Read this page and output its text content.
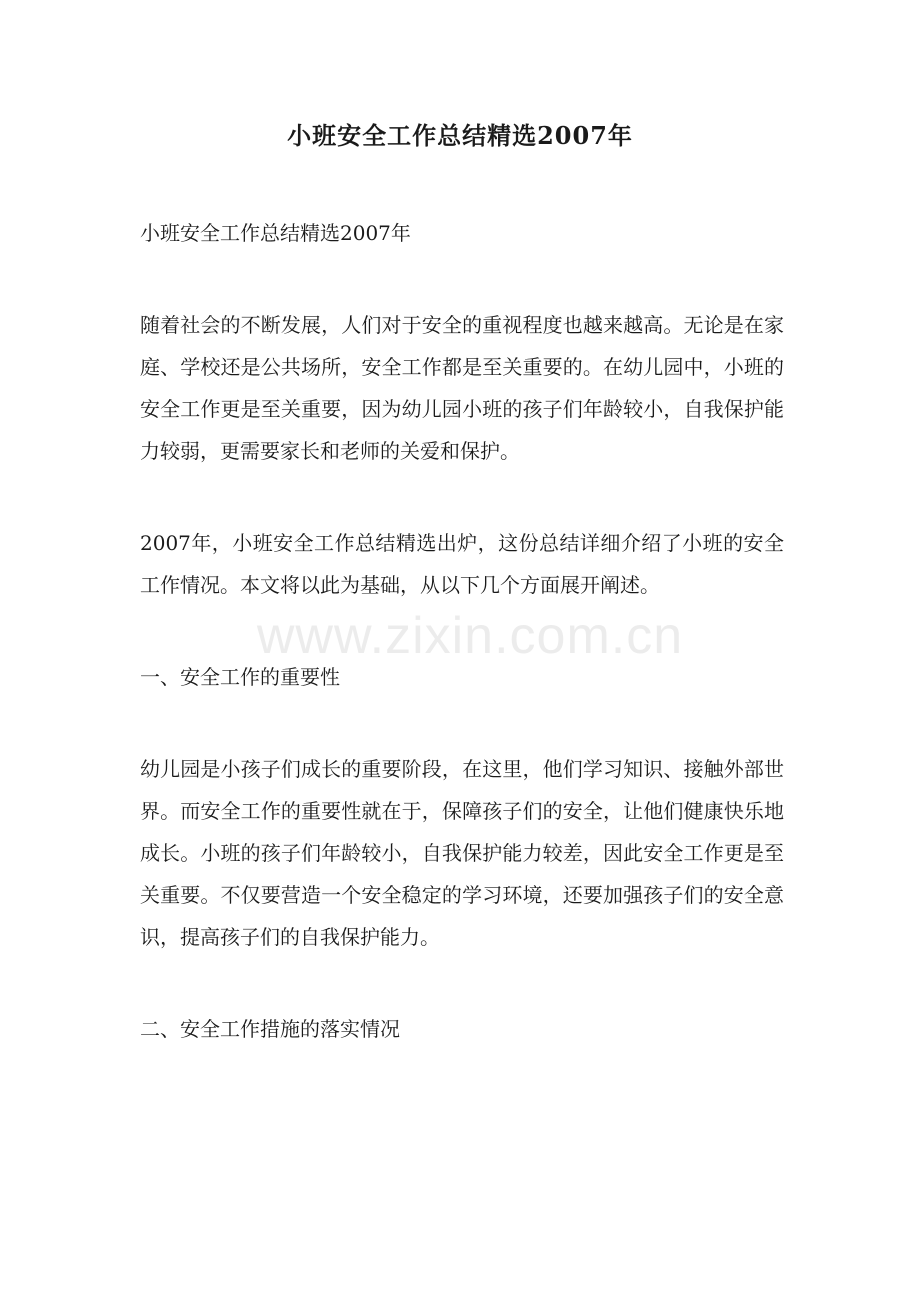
小班安全工作总结精选2007年

小班安全工作总结精选2007年

随着社会的不断发展，人们对于安全的重视程度也越来越高。无论是在家庭、学校还是公共场所，安全工作都是至关重要的。在幼儿园中，小班的安全工作更是至关重要，因为幼儿园小班的孩子们年龄较小，自我保护能力较弱，更需要家长和老师的关爱和保护。

2007年，小班安全工作总结精选出炉，这份总结详细介绍了小班的安全工作情况。本文将以此为基础，从以下几个方面展开阐述。

一、安全工作的重要性

幼儿园是小孩子们成长的重要阶段，在这里，他们学习知识、接触外部世界。而安全工作的重要性就在于，保障孩子们的安全，让他们健康快乐地成长。小班的孩子们年龄较小，自我保护能力较差，因此安全工作更是至关重要。不仅要营造一个安全稳定的学习环境，还要加强孩子们的安全意识，提高孩子们的自我保护能力。

二、安全工作措施的落实情况

www.zixin.com.cn
